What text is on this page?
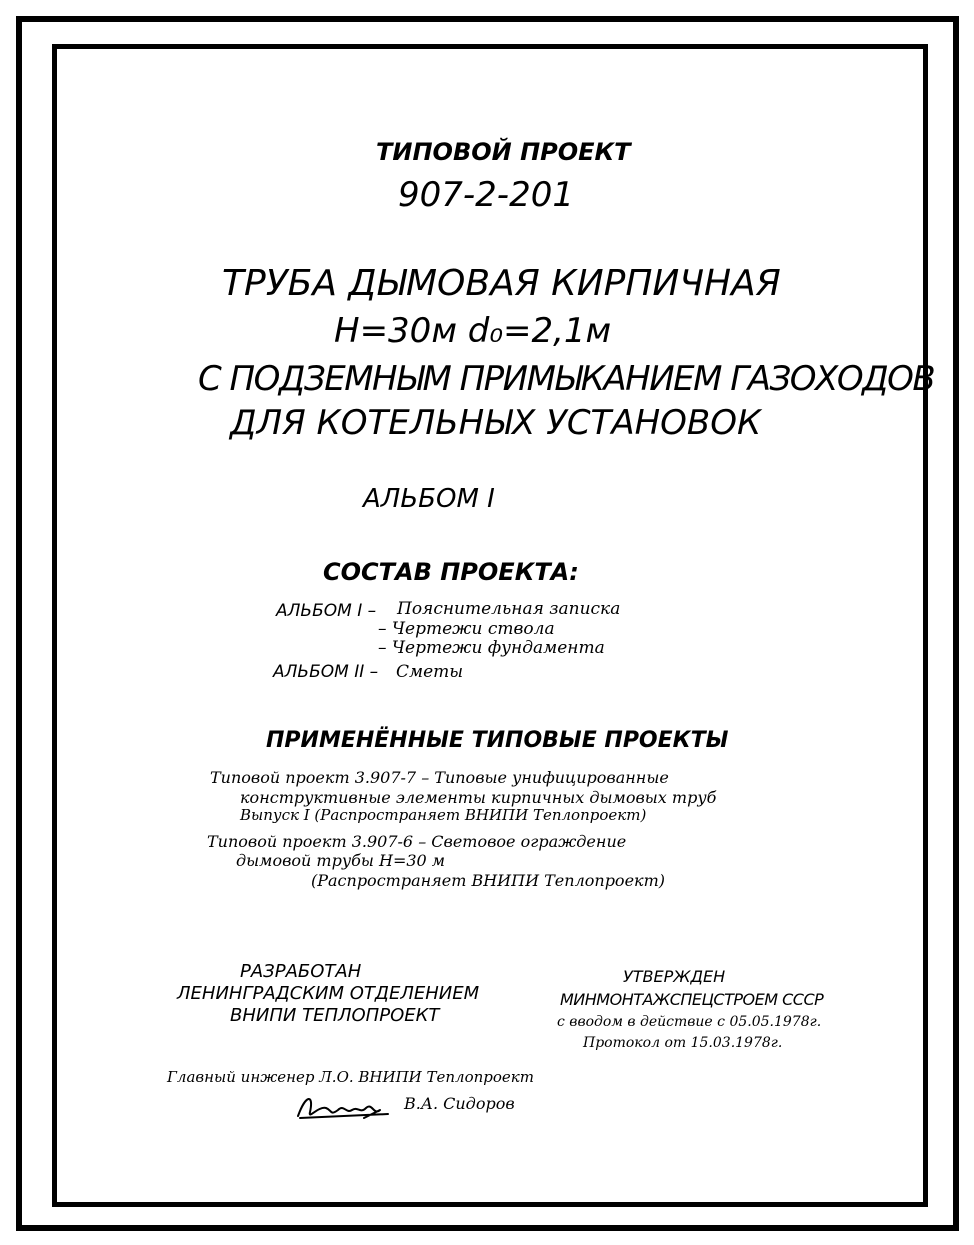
ТИПОВОЙ ПРОЕКТ

907-2-201

ТРУБА ДЫМОВАЯ КИРПИЧНАЯ

Н=30м d₀=2,1м

С ПОДЗЕМНЫМ ПРИМЫКАНИЕМ ГАЗОХОДОВ

ДЛЯ КОТЕЛЬНЫХ УСТАНОВОК

АЛЬБОМ I

СОСТАВ ПРОЕКТА:

АЛЬБОМ I – Пояснительная записка

– Чертежи ствола

– Чертежи фундамента

АЛЬБОМ II – Сметы

ПРИМЕНЁННЫЕ ТИПОВЫЕ ПРОЕКТЫ

Типовой проект 3.907-7 – Типовые унифицированные

конструктивные элементы кирпичных дымовых труб

Выпуск I (Распространяет ВНИПИ Теплопроект)

Типовой проект 3.907-6 – Световое ограждение

дымовой трубы Н=30 м

(Распространяет ВНИПИ Теплопроект)

РАЗРАБОТАН

ЛЕНИНГРАДСКИМ ОТДЕЛЕНИЕМ

ВНИПИ ТЕПЛОПРОЕКТ

УТВЕРЖДЕН

МИНМОНТАЖСПЕЦСТРОЕМ СССР

с вводом в действие с 05.05.1978г.

Протокол от 15.03.1978г.

Главный инженер Л.О. ВНИПИ Теплопроект

В.А. Сидоров
